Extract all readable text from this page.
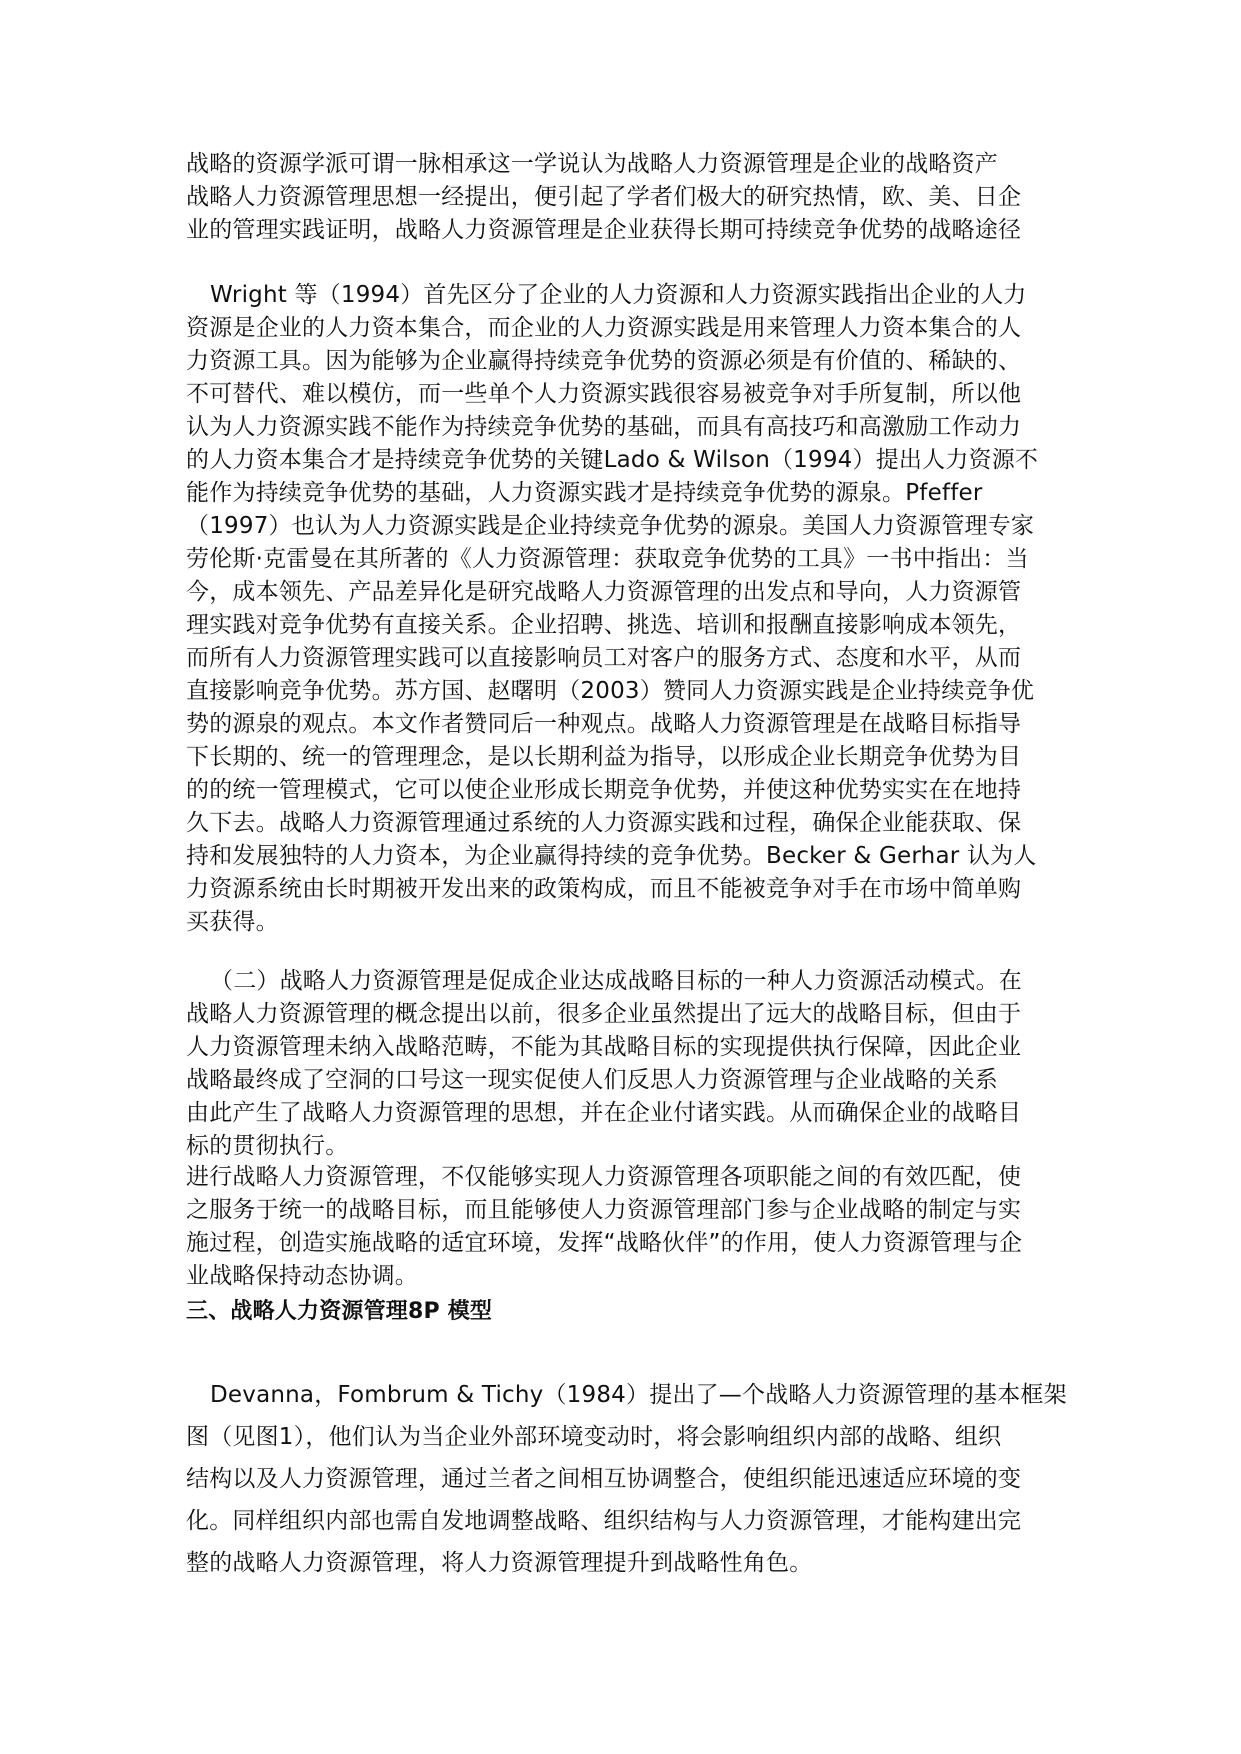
战略的资源学派可谓一脉相承这一学说认为战略人力资源管理是企业的战略资产

战略人力资源管理思想一经提出，便引起了学者们极大的研究热情，欧、美、日企

业的管理实践证明，战略人力资源管理是企业获得长期可持续竞争优势的战略途径

Wright 等（1994）首先区分了企业的人力资源和人力资源实践指出企业的人力

资源是企业的人力资本集合，而企业的人力资源实践是用来管理人力资本集合的人

力资源工具。因为能够为企业赢得持续竞争优势的资源必须是有价值的、稀缺的、

不可替代、难以模仿，而一些单个人力资源实践很容易被竞争对手所复制，所以他

认为人力资源实践不能作为持续竞争优势的基础，而具有高技巧和高激励工作动力

的人力资本集合才是持续竞争优势的关键Lado & Wilson（1994）提出人力资源不

能作为持续竞争优势的基础，人力资源实践才是持续竞争优势的源泉。Pfeffer

（1997）也认为人力资源实践是企业持续竞争优势的源泉。美国人力资源管理专家

劳伦斯·克雷曼在其所著的《人力资源管理：获取竞争优势的工具》一书中指出：当

今，成本领先、产品差异化是研究战略人力资源管理的出发点和导向，人力资源管

理实践对竞争优势有直接关系。企业招聘、挑选、培训和报酬直接影响成本领先，

而所有人力资源管理实践可以直接影响员工对客户的服务方式、态度和水平，从而

直接影响竞争优势。苏方国、赵曙明（2003）赞同人力资源实践是企业持续竞争优

势的源泉的观点。本文作者赞同后一种观点。战略人力资源管理是在战略目标指导

下长期的、统一的管理理念，是以长期利益为指导，以形成企业长期竞争优势为目

的的统一管理模式，它可以使企业形成长期竞争优势，并使这种优势实实在在地持

久下去。战略人力资源管理通过系统的人力资源实践和过程，确保企业能获取、保

持和发展独特的人力资本，为企业赢得持续的竞争优势。Becker & Gerhar 认为人

力资源系统由长时期被开发出来的政策构成，而且不能被竞争对手在市场中简单购

买获得。

（二）战略人力资源管理是促成企业达成战略目标的一种人力资源活动模式。在

战略人力资源管理的概念提出以前，很多企业虽然提出了远大的战略目标，但由于

人力资源管理未纳入战略范畴，不能为其战略目标的实现提供执行保障，因此企业

战略最终成了空洞的口号这一现实促使人们反思人力资源管理与企业战略的关系

由此产生了战略人力资源管理的思想，并在企业付诸实践。从而确保企业的战略目

标的贯彻执行。

进行战略人力资源管理，不仅能够实现人力资源管理各项职能之间的有效匹配，使

之服务于统一的战略目标，而且能够使人力资源管理部门参与企业战略的制定与实

施过程，创造实施战略的适宜环境，发挥“战略伙伴”的作用，使人力资源管理与企

业战略保持动态协调。

三、战略人力资源管理8P 模型

Devanna，Fombrum & Tichy（1984）提出了—个战略人力资源管理的基本框架

图（见图1），他们认为当企业外部环境变动时，将会影响组织内部的战略、组织

结构以及人力资源管理，通过兰者之间相互协调整合，使组织能迅速适应环境的变

化。同样组织内部也需自发地调整战略、组织结构与人力资源管理，才能构建出完

整的战略人力资源管理，将人力资源管理提升到战略性角色。
